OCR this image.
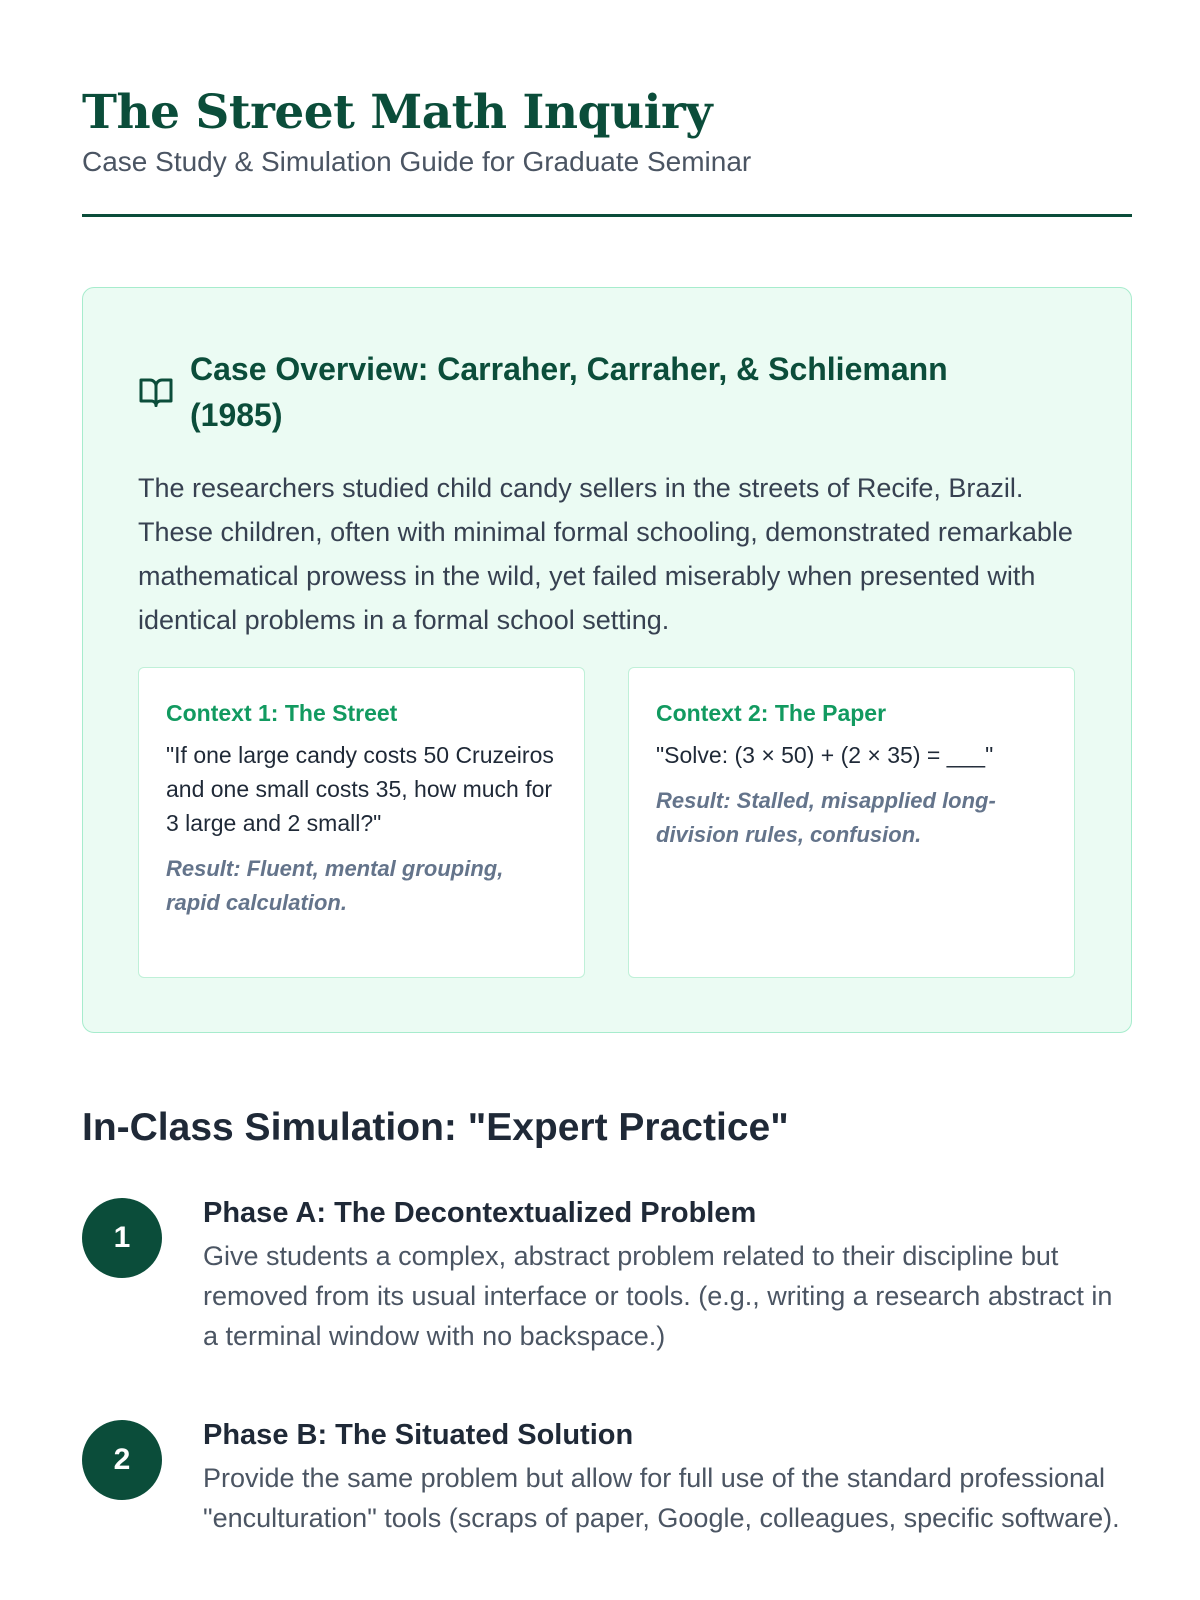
The Street Math Inquiry
Case Study & Simulation Guide for Graduate Seminar
Case Overview: Carraher, Carraher, & Schliemann (1985)

The researchers studied child candy sellers in the streets of Recife, Brazil. These children, often with minimal formal schooling, demonstrated remarkable mathematical prowess in the wild, yet failed miserably when presented with identical problems in a formal school setting.

Context 1: The Street
"If one large candy costs 50 Cruzeiros and one small costs 35, how much for 3 large and 2 small?"
Result: Fluent, mental grouping, rapid calculation.
Context 2: The Paper
"Solve: (3 × 50) + (2 × 35) = ___"
Result: Stalled, misapplied long-division rules, confusion.
In-Class Simulation: "Expert Practice"
1
Phase A: The Decontextualized Problem

Give students a complex, abstract problem related to their discipline but removed from its usual interface or tools. (e.g., writing a research abstract in a terminal window with no backspace.)

2
Phase B: The Situated Solution

Provide the same problem but allow for full use of the standard professional "enculturation" tools (scraps of paper, Google, colleagues, specific software).
